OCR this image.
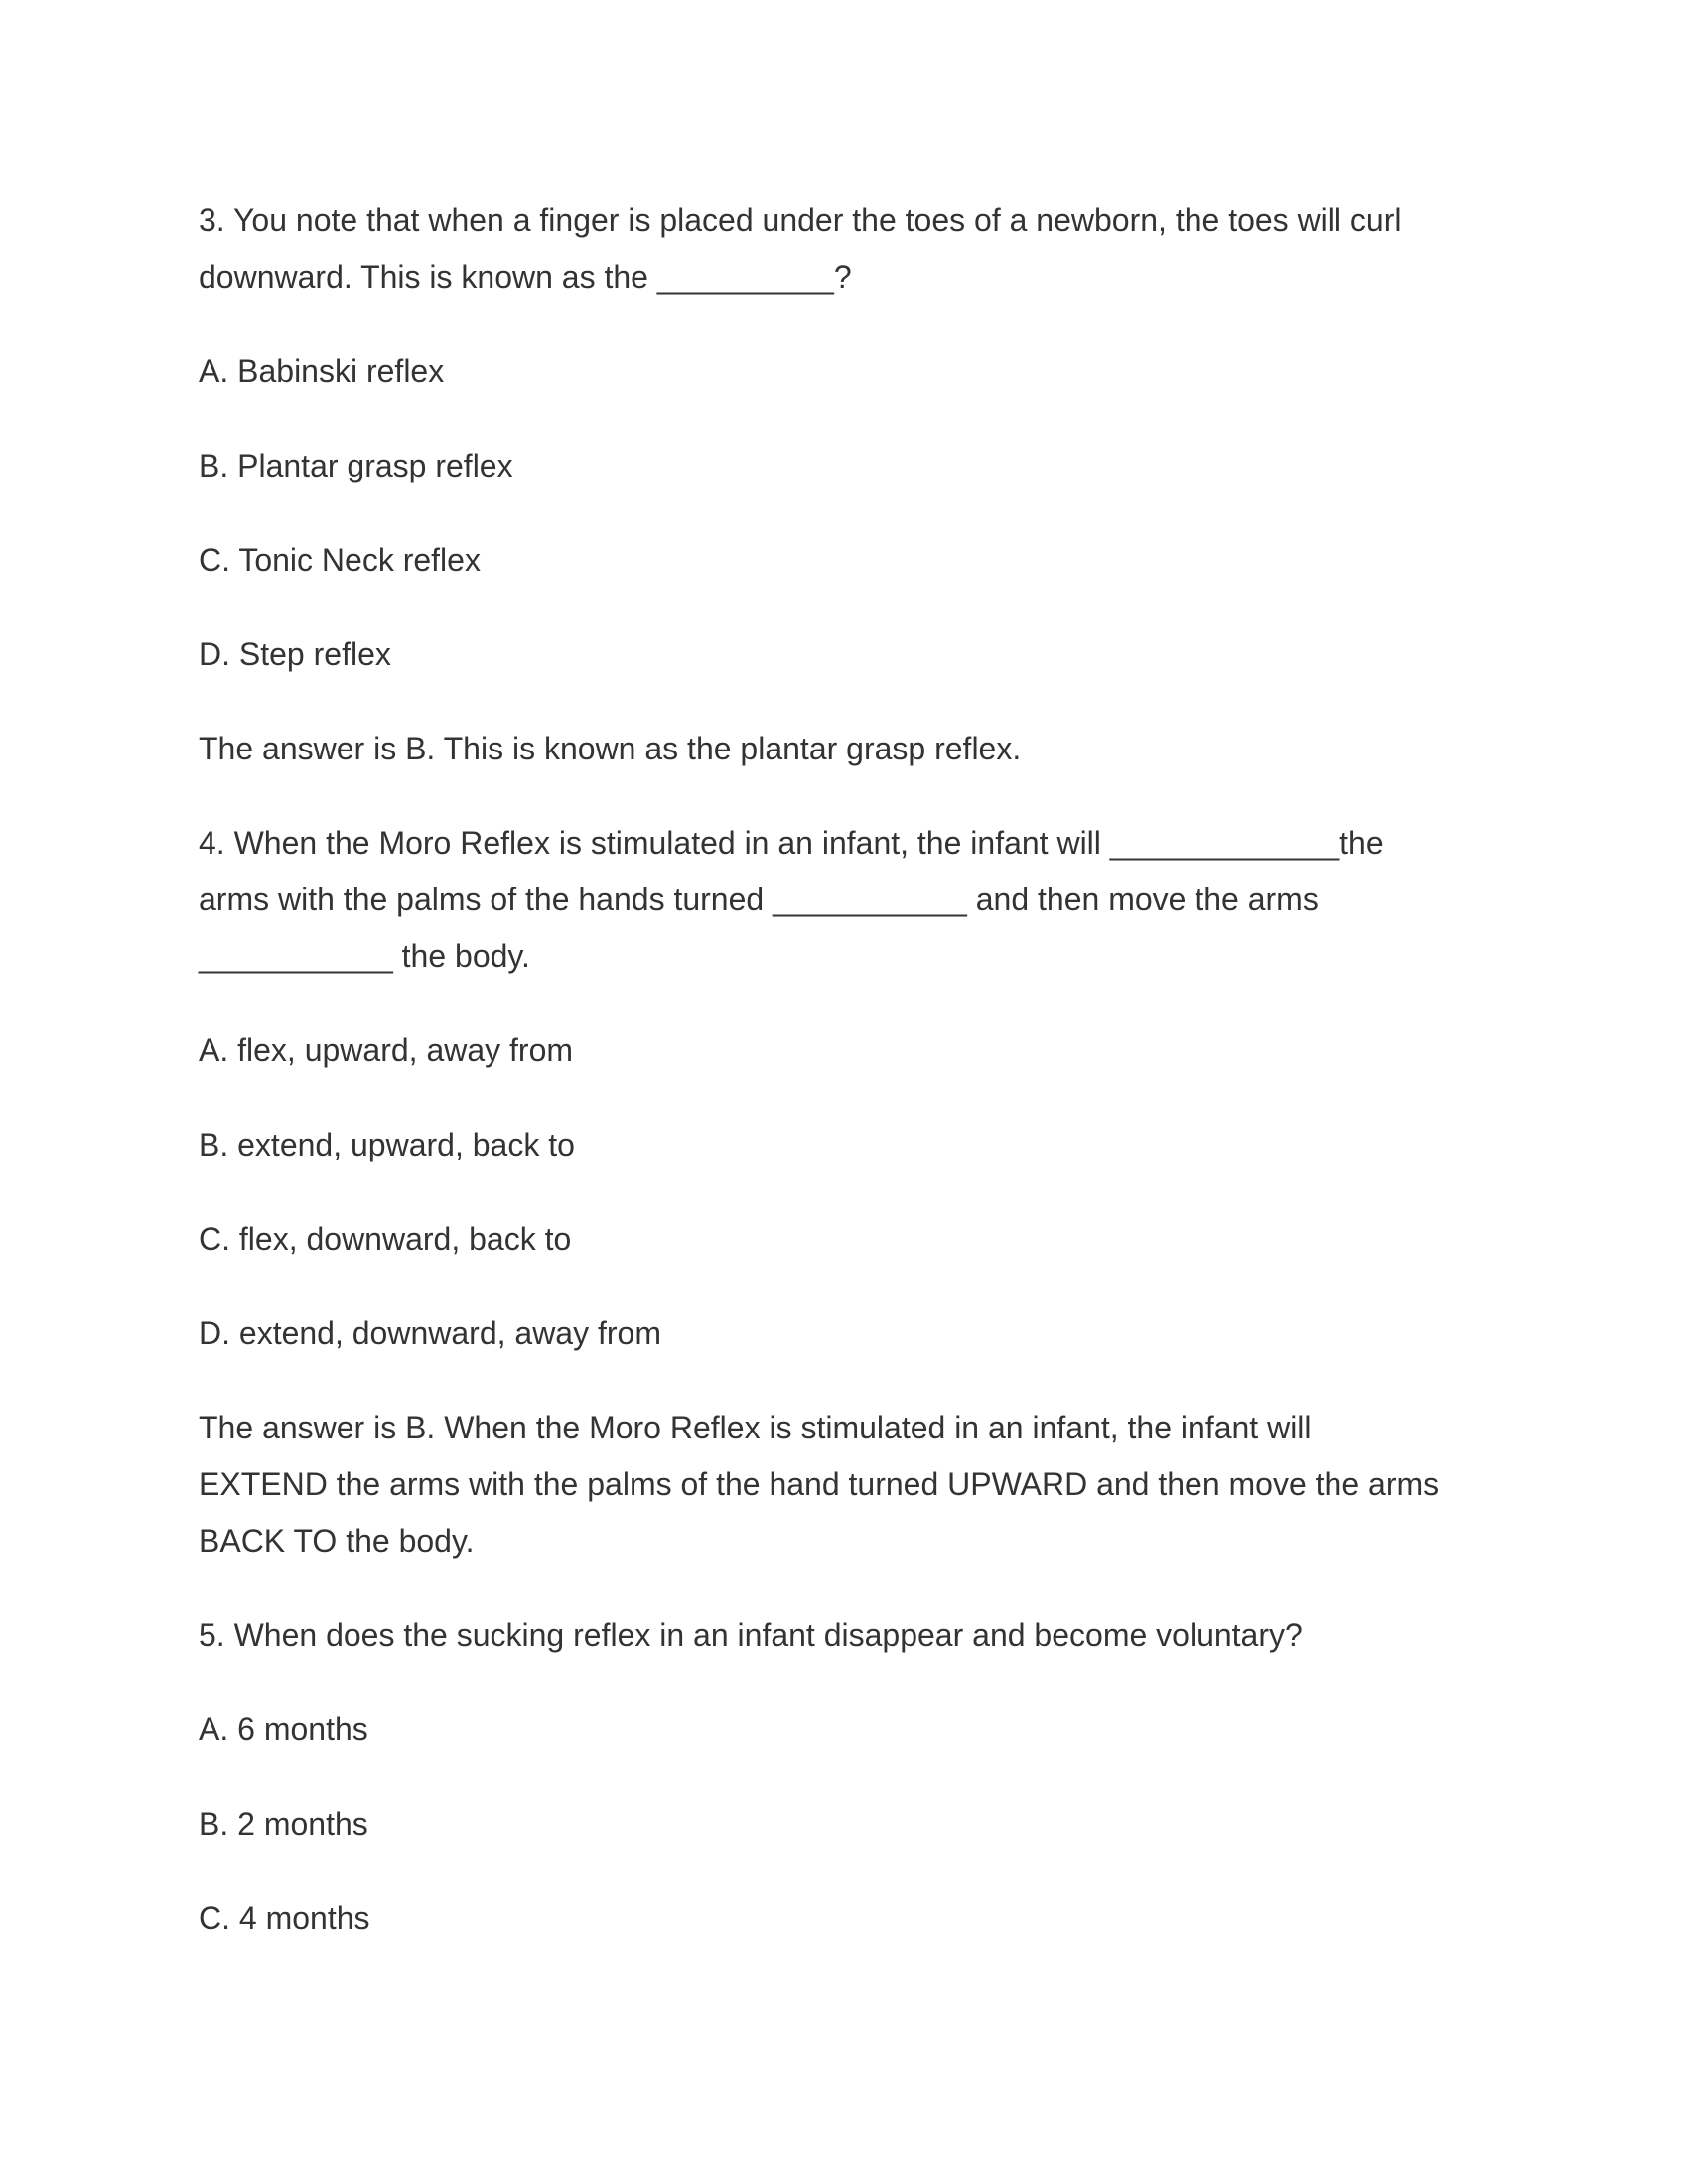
3. You note that when a finger is placed under the toes of a newborn, the toes will curl downward. This is known as the __________?

A. Babinski reflex

B. Plantar grasp reflex

C. Tonic Neck reflex

D. Step reflex

The answer is B. This is known as the plantar grasp reflex.

4. When the Moro Reflex is stimulated in an infant, the infant will _____________the arms with the palms of the hands turned ___________ and then move the arms ___________ the body.

A. flex, upward, away from

B. extend, upward, back to

C. flex, downward, back to

D. extend, downward, away from

The answer is B. When the Moro Reflex is stimulated in an infant, the infant will EXTEND the arms with the palms of the hand turned UPWARD and then move the arms BACK TO the body.

5. When does the sucking reflex in an infant disappear and become voluntary?

A. 6 months

B. 2 months

C. 4 months
